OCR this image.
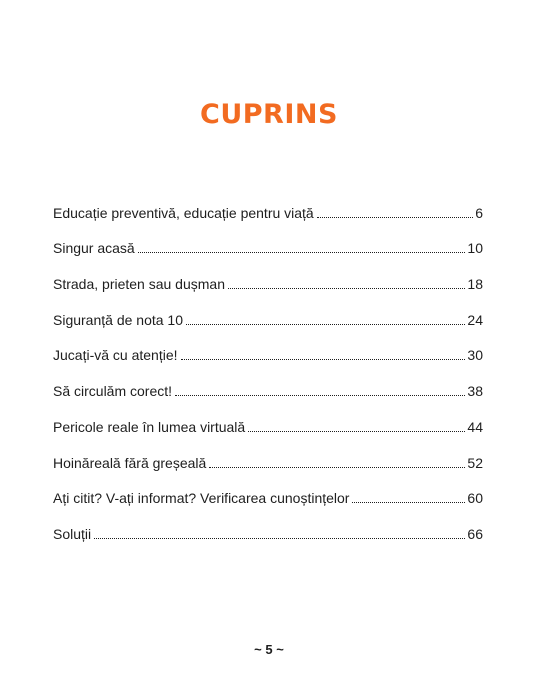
CUPRINS
Educație preventivă, educație pentru viață	6
Singur acasă	10
Strada, prieten sau dușman	18
Siguranță de nota 10	24
Jucați-vă cu atenție!	30
Să circulăm corect!	38
Pericole reale în lumea virtuală	44
Hoinăreală fără greșeală	52
Ați citit? V-ați informat? Verificarea cunoștințelor	60
Soluții	66
~ 5 ~
